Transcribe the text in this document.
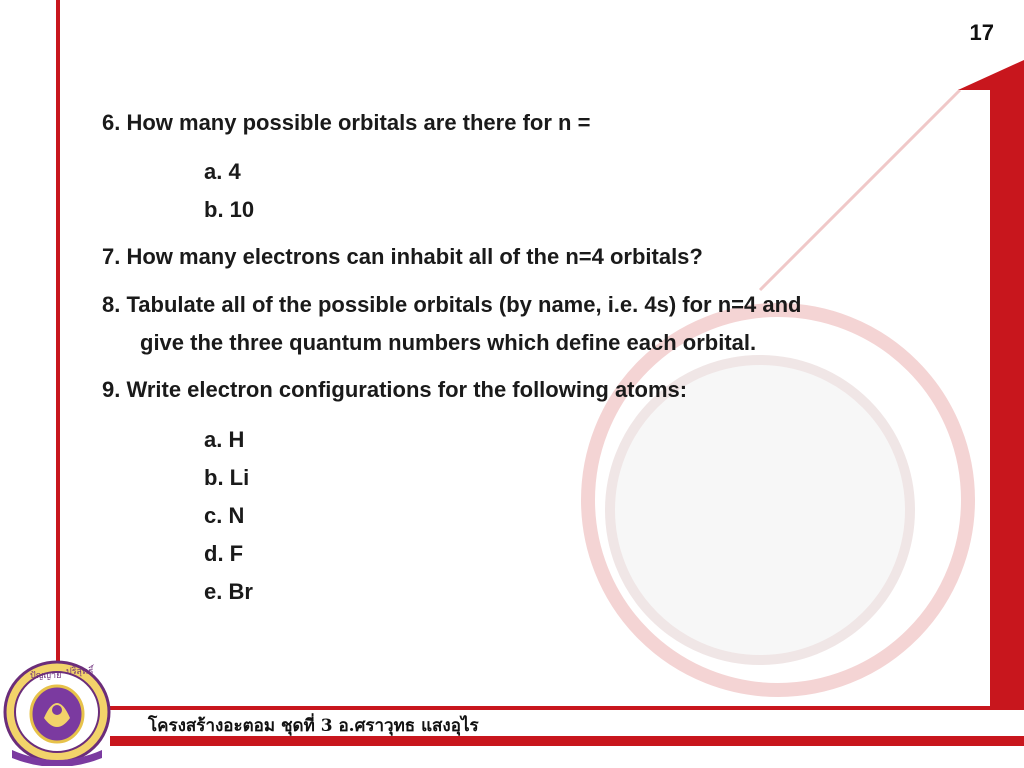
17
6. How many possible orbitals are there for n =
a. 4
b. 10
7. How many electrons can inhabit all of the n=4 orbitals?
8. Tabulate all of the possible orbitals (by name, i.e. 4s) for n=4 and
give the three quantum numbers which define each orbital.
9. Write electron configurations for the following atoms:
a. H
b. Li
c. N
d. F
e. Br
ปัญญาย ปริสุทธิ์
โครงสร้างอะตอม ชุดที่ 3 อ.ศราวุทธ แสงอุไร
